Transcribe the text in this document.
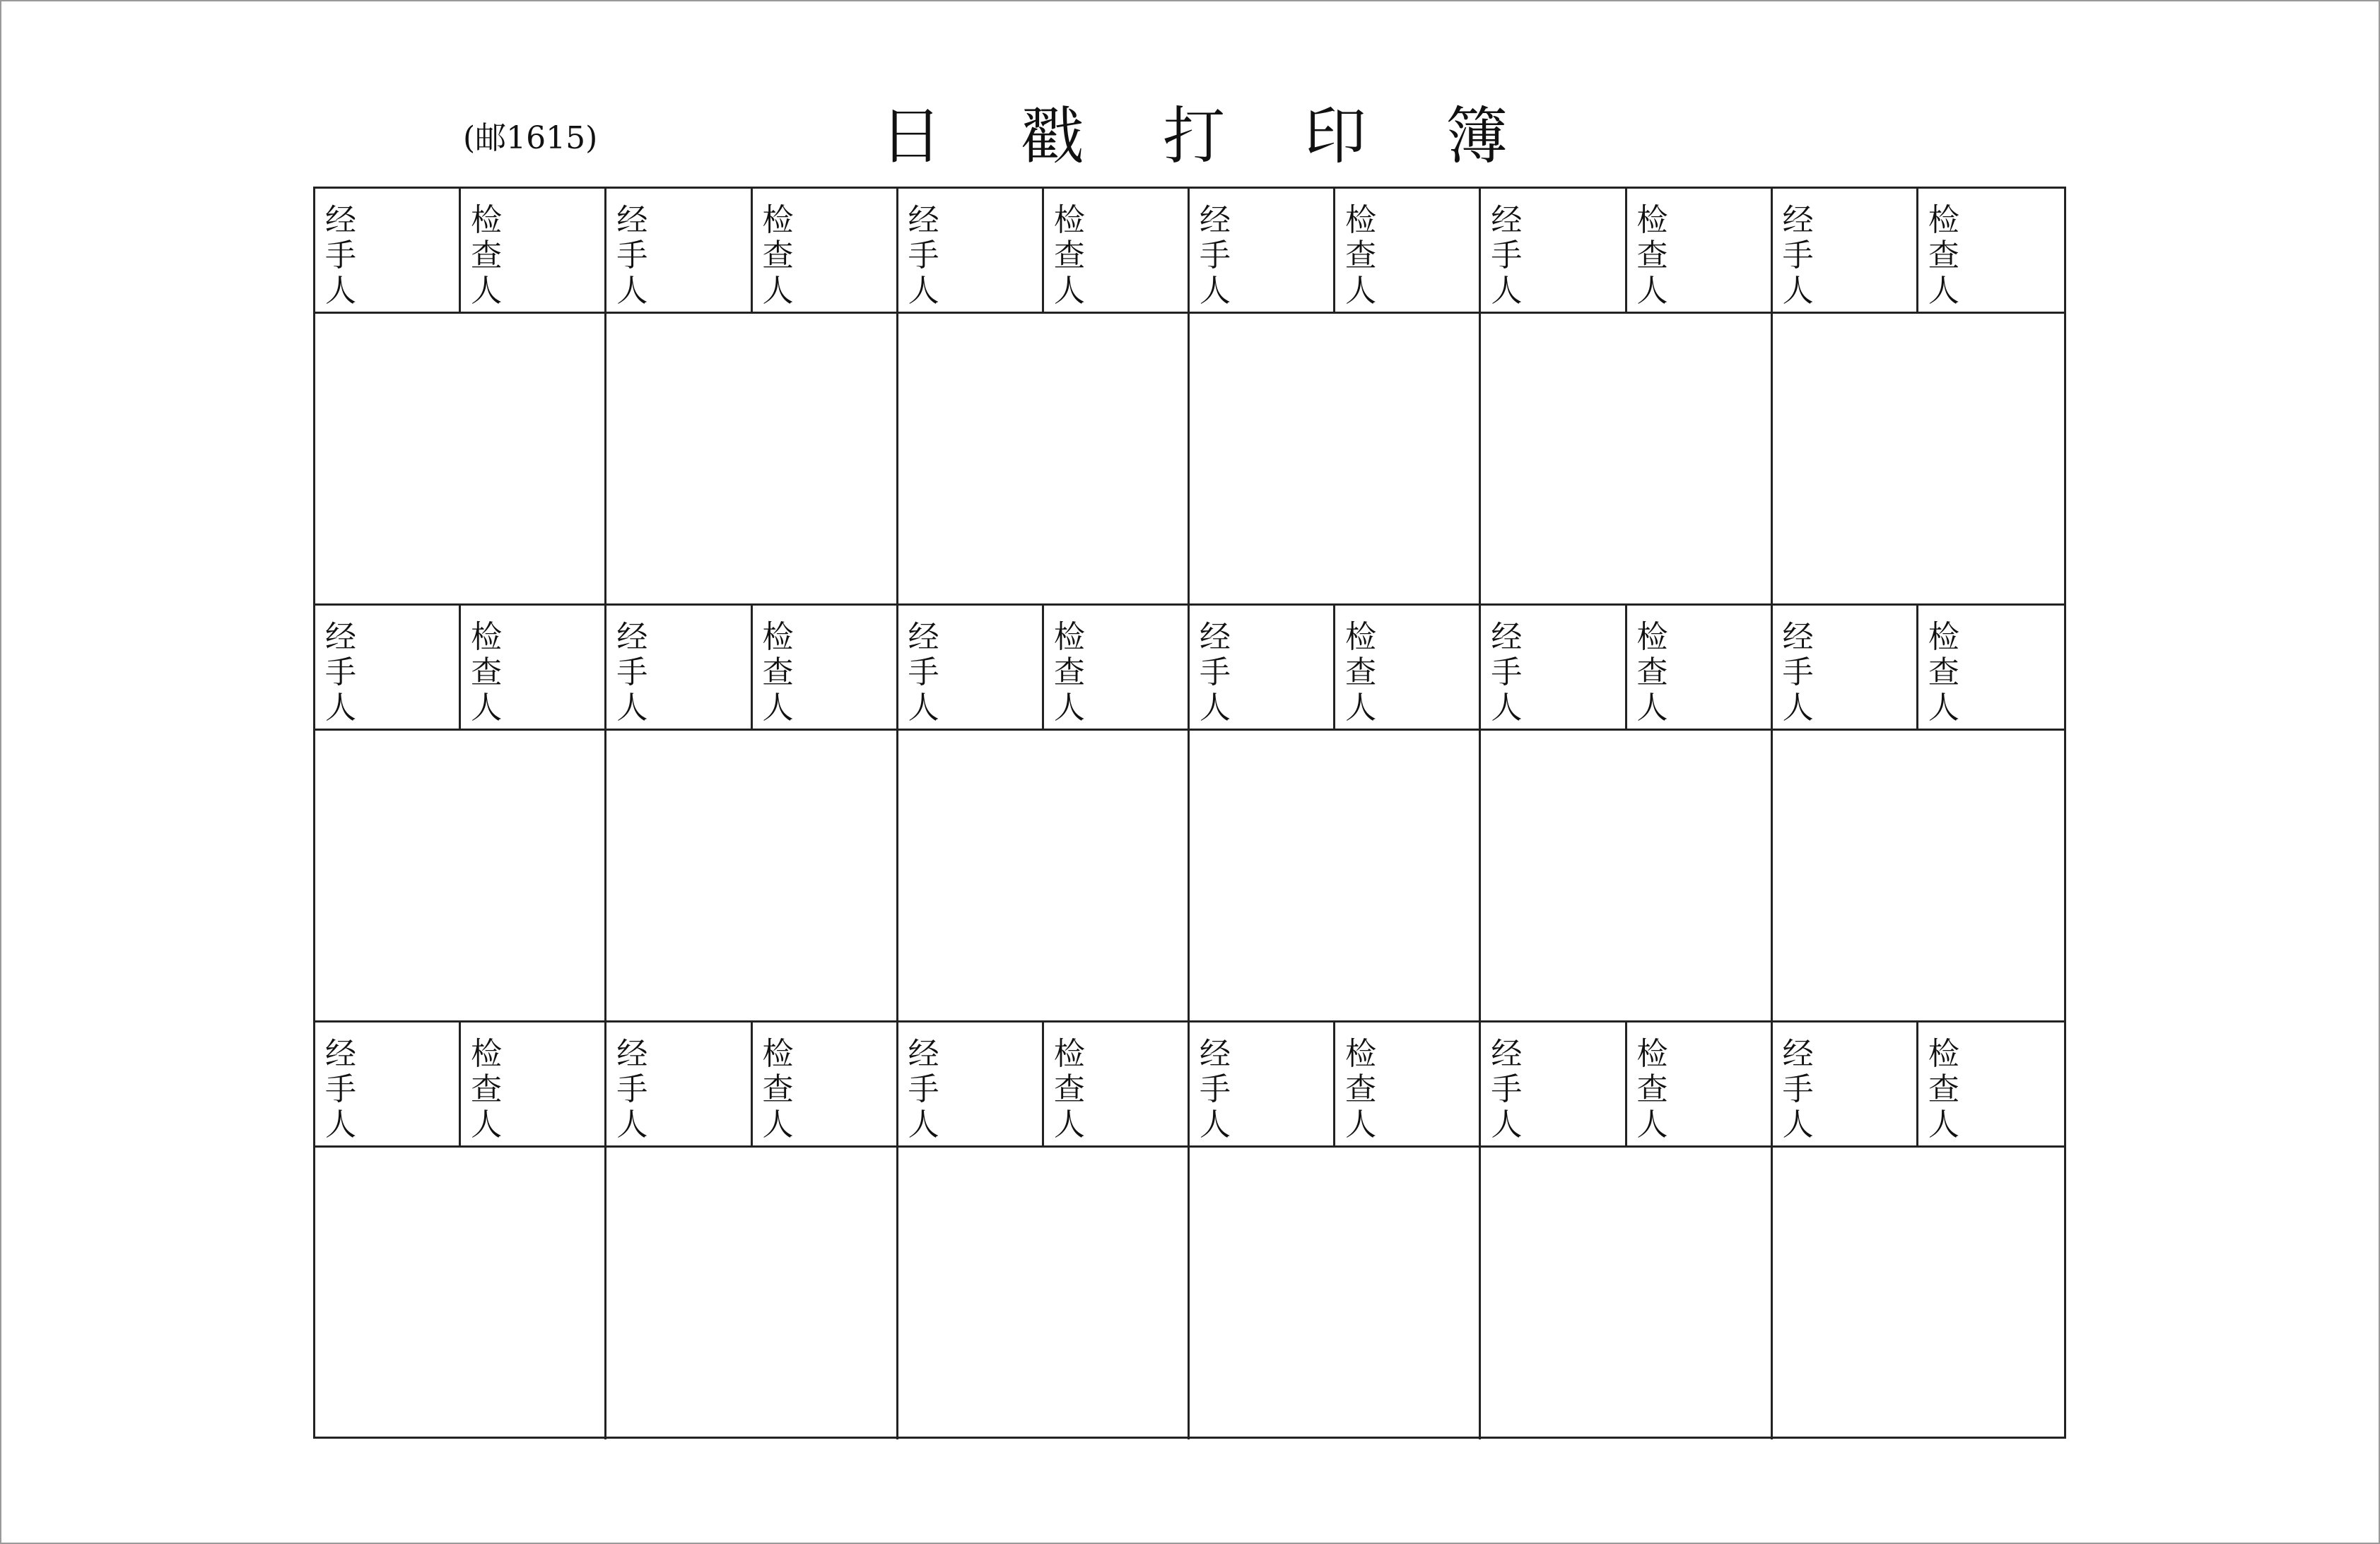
(邮1615)	日戳打印簿
经
手
人
检
查
人
经
手
人
检
查
人
经
手
人
检
查
人
经
手
人
检
查
人
经
手
人
检
查
人
经
手
人
检
查
人
经
手
人
检
查
人
经
手
人
检
查
人
经
手
人
检
查
人
经
手
人
检
查
人
经
手
人
检
查
人
经
手
人
检
查
人
经
手
人
检
查
人
经
手
人
检
查
人
经
手
人
检
查
人
经
手
人
检
查
人
经
手
人
检
查
人
经
手
人
检
查
人
